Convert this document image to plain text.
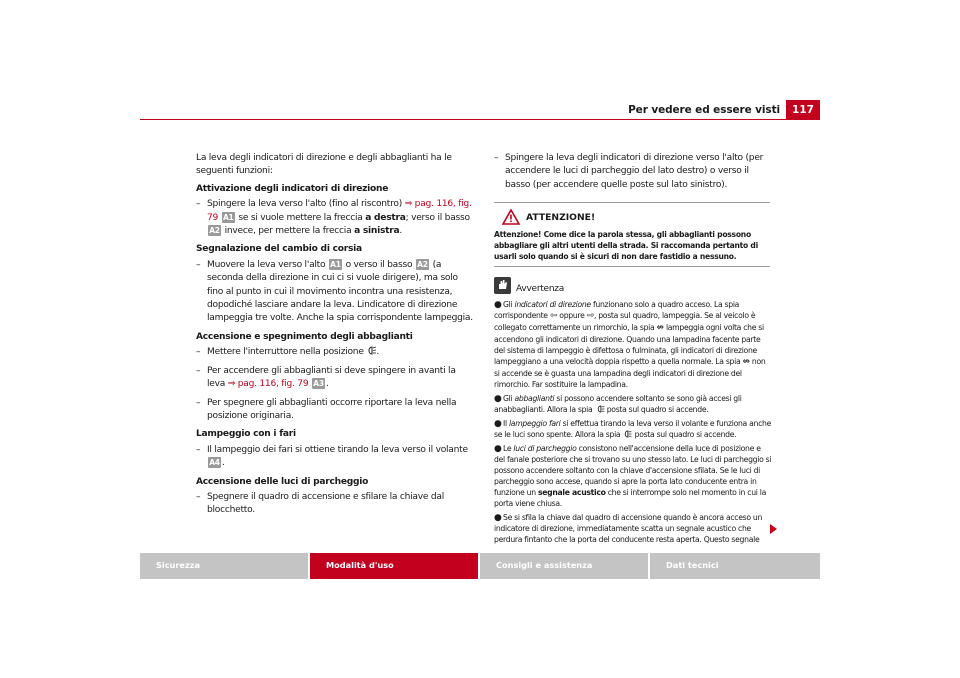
Per vedere ed essere visti	117
La leva degli indicatori di direzione e degli abbaglianti ha le seguenti funzioni:
Attivazione degli indicatori di direzione
– Spingere la leva verso l'alto (fino al riscontro) ⇒ pag. 116, fig. 79 A1 se si vuole mettere la freccia a destra; verso il basso A2 invece, per mettere la freccia a sinistra.
Segnalazione del cambio di corsia
– Muovere la leva verso l'alto A1 o verso il basso A2 (a seconda della direzione in cui ci si vuole dirigere), ma solo fino al punto in cui il movimento incontra una resistenza, dopodiché lasciare andare la leva. Lindicatore di direzione lampeggia tre volte. Anche la spia corrispondente lampeggia.
Accensione e spegnimento degli abbaglianti
– Mettere l'interruttore nella posizione .
– Per accendere gli abbaglianti si deve spingere in avanti la leva ⇒ pag. 116, fig. 79 A3 .
– Per spegnere gli abbaglianti occorre riportare la leva nella posizione originaria.
Lampeggio con i fari
– Il lampeggio dei fari si ottiene tirando la leva verso il volante A4 .
Accensione delle luci di parcheggio
– Spegnere il quadro di accensione e sfilare la chiave dal blocchetto.
– Spingere la leva degli indicatori di direzione verso l'alto (per accendere le luci di parcheggio del lato destro) o verso il basso (per accendere quelle poste sul lato sinistro).
ATTENZIONE!
Attenzione! Come dice la parola stessa, gli abbaglianti possono abbagliare gli altri utenti della strada. Si raccomanda pertanto di usarli solo quando si è sicuri di non dare fastidio a nessuno.
Avvertenza
●Gli indicatori di direzione funzionano solo a quadro acceso. La spia corrispondente ⇦ oppure ⇨, posta sul quadro, lampeggia. Se al veicolo è collegato correttamente un rimorchio, la spia ⇎ lampeggia ogni volta che si accendono gli indicatori di direzione. Quando una lampadina facente parte del sistema di lampeggio è difettosa o fulminata, gli indicatori di direzione lampeggiano a una velocità doppia rispetto a quella normale. La spia ⇎ non si accende se è guasta una lampadina degli indicatori di direzione del rimorchio. Far sostituire la lampadina.
●Gli abbaglianti si possono accendere soltanto se sono già accesi gli anabbaglianti. Allora la spia  posta sul quadro si accende.
●Il lampeggio fari si effettua tirando la leva verso il volante e funziona anche se le luci sono spente. Allora la spia  posta sul quadro si accende.
●Le luci di parcheggio consistono nell'accensione della luce di posizione e del fanale posteriore che si trovano su uno stesso lato. Le luci di parcheggio si possono accendere soltanto con la chiave d'accensione sfilata. Se le luci di parcheggio sono accese, quando si apre la porta lato conducente entra in funzione un segnale acustico che si interrompe solo nel momento in cui la porta viene chiusa.
●Se si sfila la chiave dal quadro di accensione quando è ancora acceso un indicatore di direzione, immediatamente scatta un segnale acustico che perdura fintanto che la porta del conducente resta aperta. Questo segnale
Sicurezza	Modalità d'uso	Consigli e assistenza	Dati tecnici
